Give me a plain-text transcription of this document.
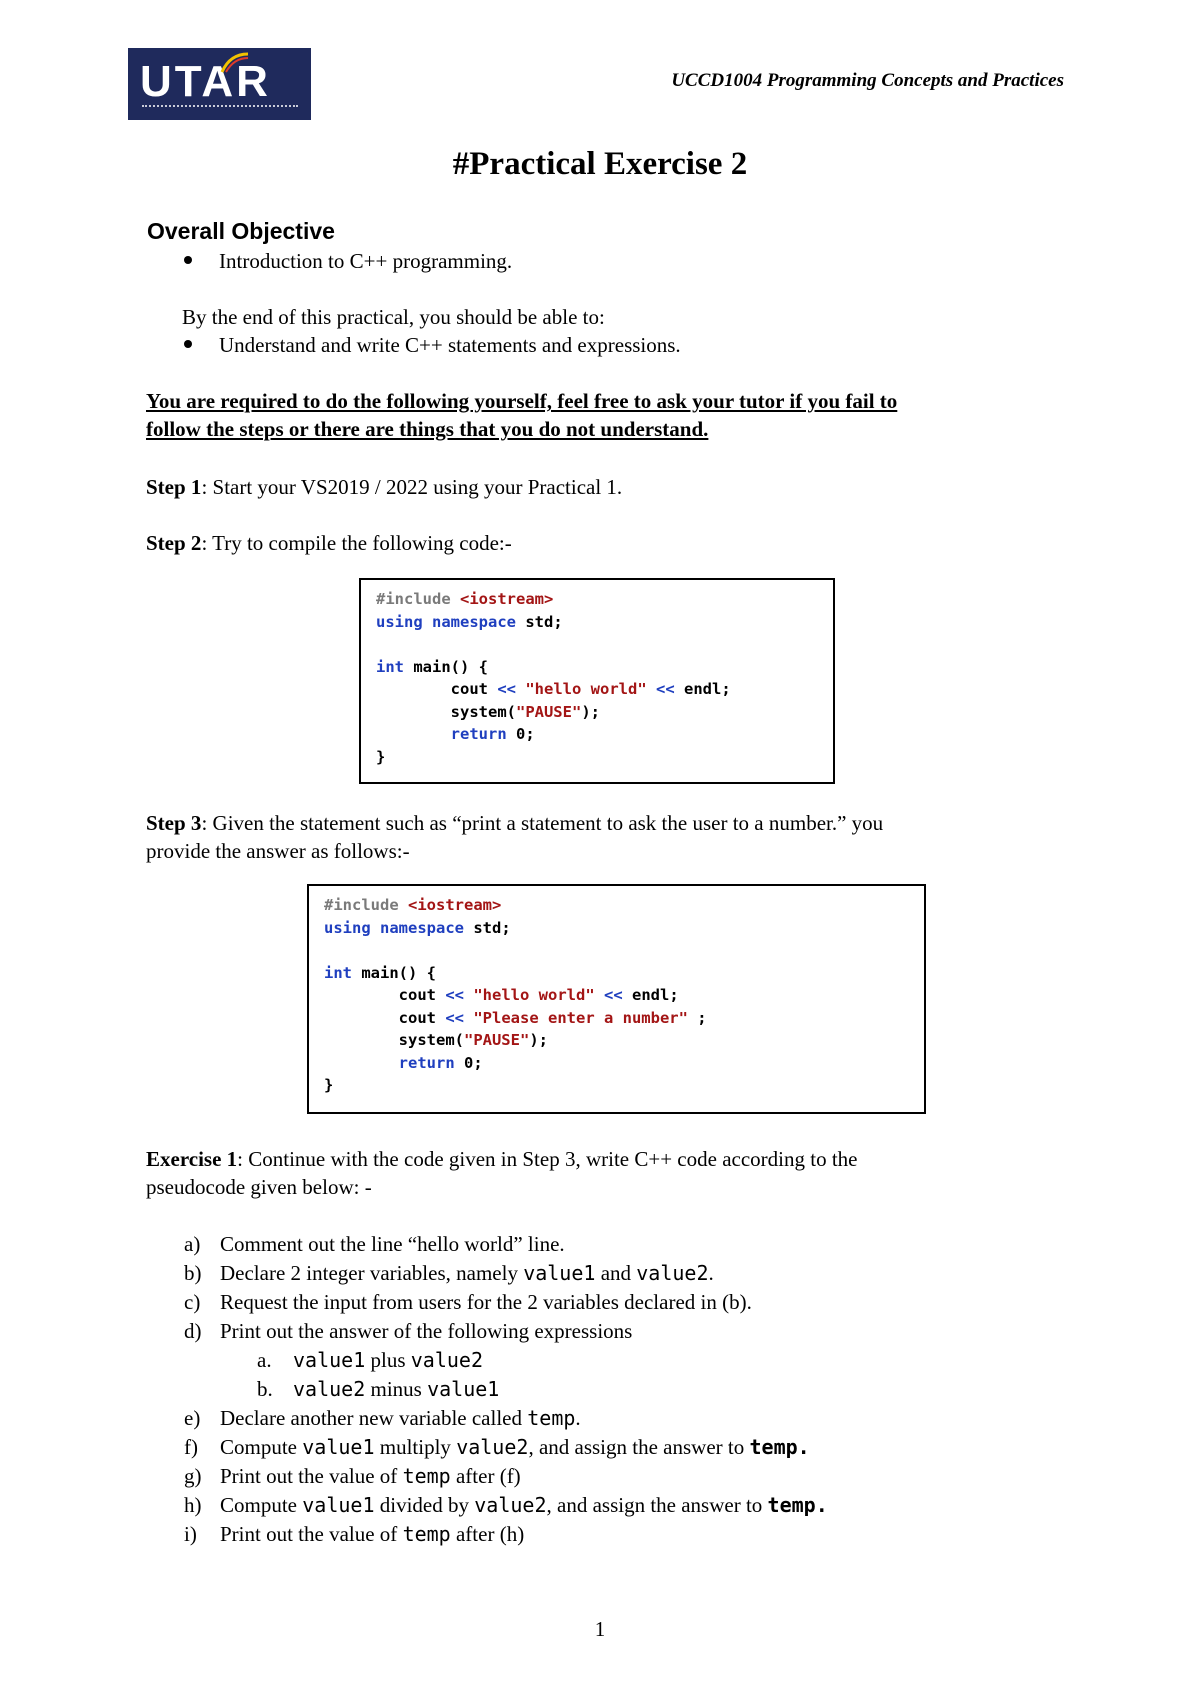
UTAR	UCCD1004 Programming Concepts and Practices
#Practical Exercise 2
Overall Objective
Introduction to C++ programming.
By the end of this practical, you should be able to:
Understand and write C++ statements and expressions.
You are required to do the following yourself, feel free to ask your tutor if you fail to
follow the steps or there are things that you do not understand.
Step 1: Start your VS2019 / 2022 using your Practical 1.
Step 2: Try to compile the following code:-
#include <iostream>
using namespace std;
int main() {
cout << "hello world" << endl;
system("PAUSE");
return 0;
}
Step 3: Given the statement such as “print a statement to ask the user to a number.” you
provide the answer as follows:-
#include <iostream>
using namespace std;
int main() {
cout << "hello world" << endl;
cout << "Please enter a number" ;
system("PAUSE");
return 0;
}
Exercise 1: Continue with the code given in Step 3, write C++ code according to the
pseudocode given below: -
a) Comment out the line “hello world” line.
b) Declare 2 integer variables, namely value1 and value2.
c) Request the input from users for the 2 variables declared in (b).
d) Print out the answer of the following expressions
a. value1 plus value2
b. value2 minus value1
e) Declare another new variable called temp.
f) Compute value1 multiply value2, and assign the answer to temp.
g) Print out the value of temp after (f)
h) Compute value1 divided by value2, and assign the answer to temp.
i) Print out the value of temp after (h)
1
